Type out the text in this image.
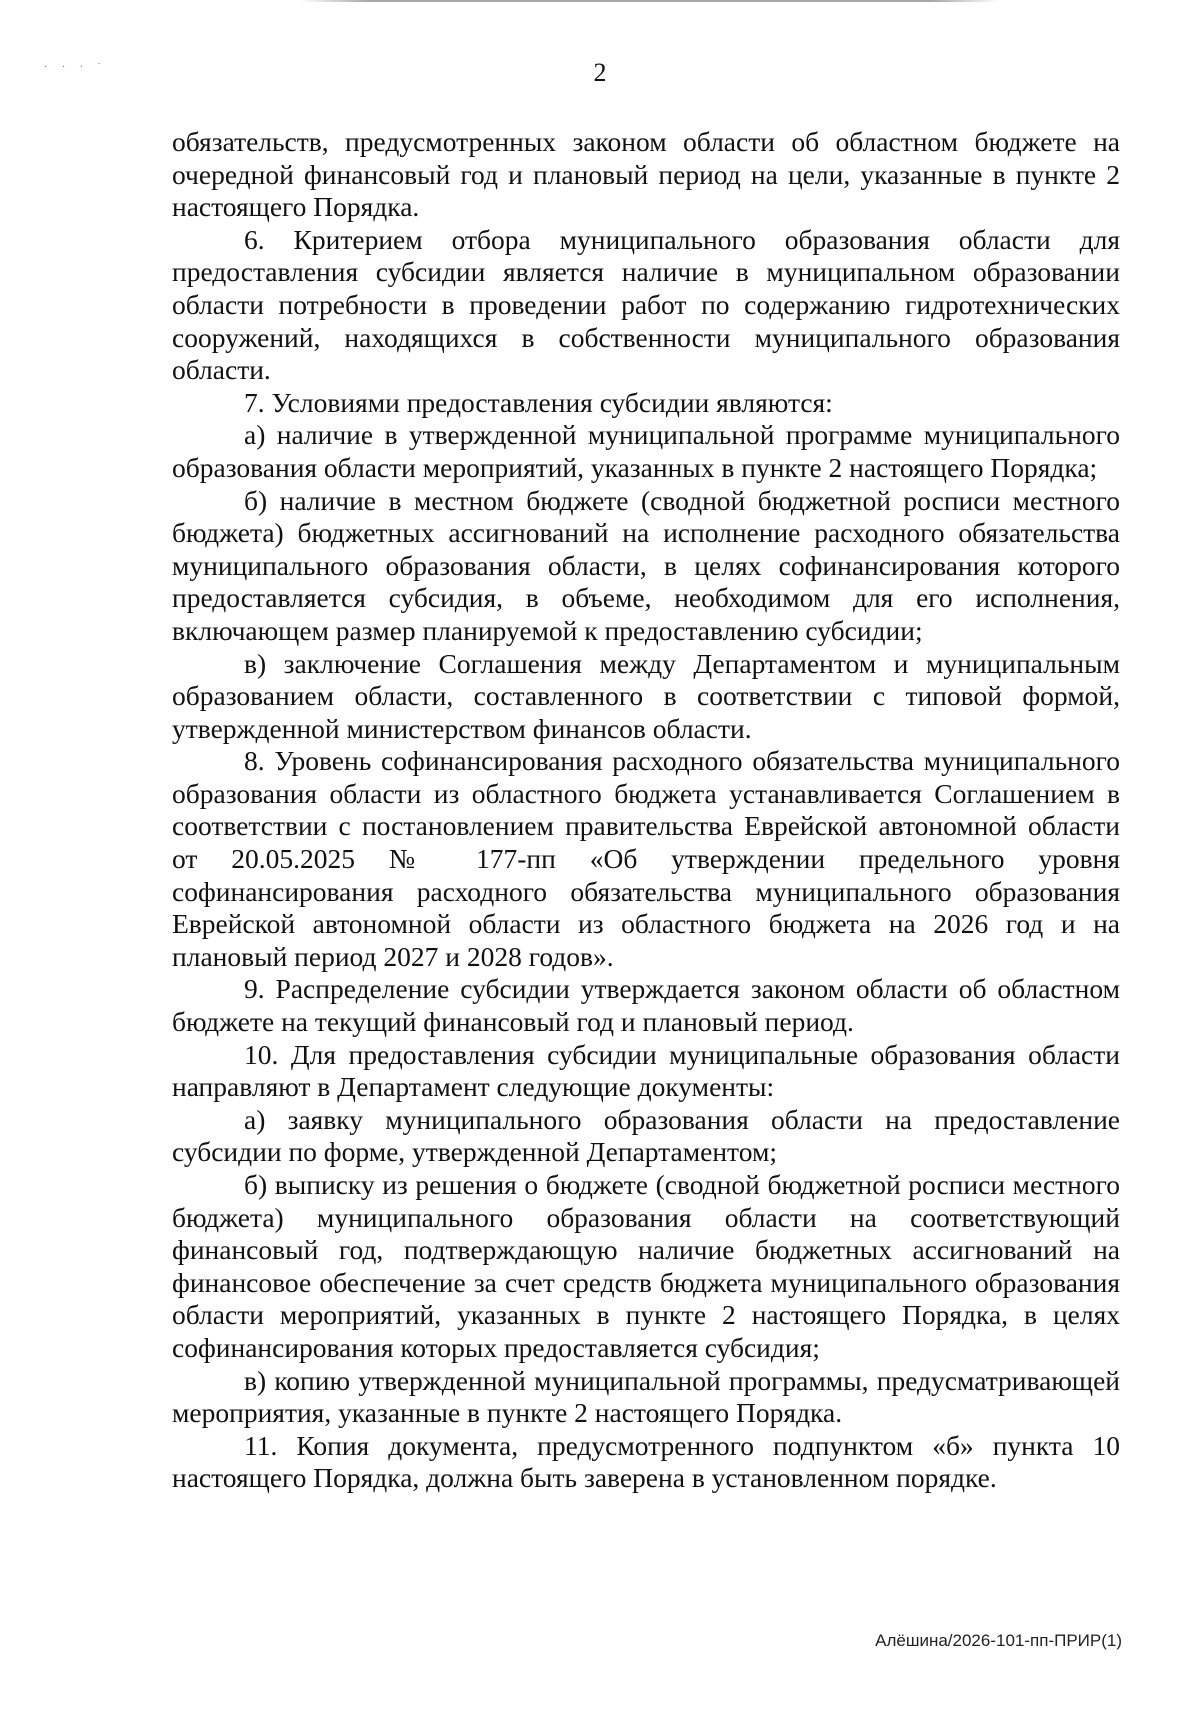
· · · ˙	2

обязательств, предусмотренных законом области об областном бюджете на очередной финансовый год и плановый период на цели, указанные в пункте 2 настоящего Порядка.

6. Критерием отбора муниципального образования области для предоставления субсидии является наличие в муниципальном образовании области потребности в проведении работ по содержанию гидротехнических сооружений, находящихся в собственности муниципального образования области.

7. Условиями предоставления субсидии являются:

а) наличие в утвержденной муниципальной программе муниципального образования области мероприятий, указанных в пункте 2 настоящего Порядка;

б) наличие в местном бюджете (сводной бюджетной росписи местного бюджета) бюджетных ассигнований на исполнение расходного обязательства муниципального образования области, в целях софинансирования которого предоставляется субсидия, в объеме, необходимом для его исполнения, включающем размер планируемой к предоставлению субсидии;

в) заключение Соглашения между Департаментом и муниципальным образованием области, составленного в соответствии с типовой формой, утвержденной министерством финансов области.

8. Уровень софинансирования расходного обязательства муниципального образования области из областного бюджета устанавливается Соглашением в соответствии с постановлением правительства Еврейской автономной области от 20.05.2025 № 177-пп «Об утверждении предельного уровня софинансирования расходного обязательства муниципального образования Еврейской автономной области из областного бюджета на 2026 год и на плановый период 2027 и 2028 годов».

9. Распределение субсидии утверждается законом области об областном бюджете на текущий финансовый год и плановый период.

10. Для предоставления субсидии муниципальные образования области направляют в Департамент следующие документы:

а) заявку муниципального образования области на предоставление субсидии по форме, утвержденной Департаментом;

б) выписку из решения о бюджете (сводной бюджетной росписи местного бюджета) муниципального образования области на соответствующий финансовый год, подтверждающую наличие бюджетных ассигнований на финансовое обеспечение за счет средств бюджета муниципального образования области мероприятий, указанных в пункте 2 настоящего Порядка, в целях софинансирования которых предоставляется субсидия;

в) копию утвержденной муниципальной программы, предусматривающей мероприятия, указанные в пункте 2 настоящего Порядка.

11. Копия документа, предусмотренного подпунктом «б» пункта 10 настоящего Порядка, должна быть заверена в установленном порядке.

Алёшина/2026-101-пп-ПРИР(1)
